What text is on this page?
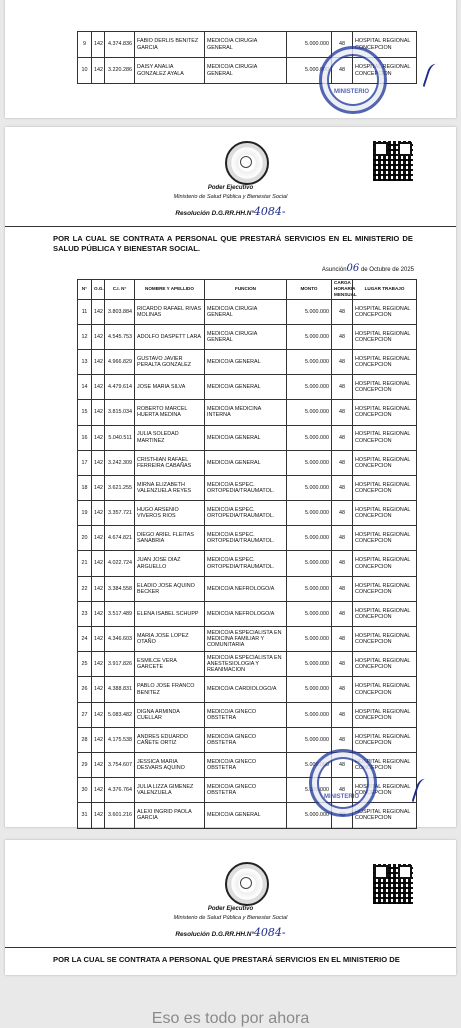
9	142	4.374.836	FABIO DERLIS BENITEZ GARCIA	MEDICO/A CIRUGIA GENERAL	5.000.000	48	HOSPITAL REGIONAL CONCEPCION
10	142	3.220.286	DAISY ANALIA GONZALEZ AYALA	MEDICO/A CIRUGIA GENERAL	5.000.000	48	HOSPITAL REGIONAL CONCEPCION
MINISTERIO
Poder Ejecutivo
Ministerio de Salud Pública y Bienestar Social
Resolución D.G.RR.HH.N°4084-
POR LA CUAL SE CONTRATA A PERSONAL QUE PRESTARÁ SERVICIOS EN EL MINISTERIO DE SALUD PÚBLICA Y BIENESTAR SOCIAL.
Asunción06 de Octubre de 2025
N°	O.G.	C.I. N°	NOMBRE Y APELLIDO	FUNCION	MONTO	CARGA HORARIA MENSUAL	LUGAR TRABAJO
11	142	3.803.884	RICARDO RAFAEL RIVAS MOLINAS	MEDICO/A CIRUGIA GENERAL	5.000.000	48	HOSPITAL REGIONAL CONCEPCION
12	142	4.545.753	ADOLFO DASPETT LARA	MEDICO/A CIRUGIA GENERAL	5.000.000	48	HOSPITAL REGIONAL CONCEPCION
13	142	4.966.829	GUSTAVO JAVIER PERALTA GONZALEZ	MEDICO/A GENERAL	5.000.000	48	HOSPITAL REGIONAL CONCEPCION
14	142	4.479.614	JOSE MARIA SILVA	MEDICO/A GENERAL	5.000.000	48	HOSPITAL REGIONAL CONCEPCION
15	142	3.815.034	ROBERTO MARCEL HUERTA MEDINA	MEDICO/A MEDICINA INTERNA	5.000.000	48	HOSPITAL REGIONAL CONCEPCION
16	142	5.040.511	JULIA SOLEDAD MARTINEZ	MEDICO/A GENERAL	5.000.000	48	HOSPITAL REGIONAL CONCEPCION
17	142	3.242.309	CRISTHIAN RAFAEL FERREIRA CABAÑAS	MEDICO/A GENERAL	5.000.000	48	HOSPITAL REGIONAL CONCEPCION
18	142	3.621.255	MIRNA ELIZABETH VALENZUELA REYES	MEDICO/A ESPEC. ORTOPEDIA/TRAUMATOL.	5.000.000	48	HOSPITAL REGIONAL CONCEPCION
19	142	3.357.721	HUGO ARSENIO VIVEROS RIOS	MEDICO/A ESPEC. ORTOPEDIA/TRAUMATOL.	5.000.000	48	HOSPITAL REGIONAL CONCEPCION
20	142	4.674.821	DIEGO ARIEL FLEITAS SANABRIA	MEDICO/A ESPEC. ORTOPEDIA/TRAUMATOL.	5.000.000	48	HOSPITAL REGIONAL CONCEPCION
21	142	4.022.724	JUAN JOSE DIAZ ARGUELLO	MEDICO/A ESPEC. ORTOPEDIA/TRAUMATOL.	5.000.000	48	HOSPITAL REGIONAL CONCEPCION
22	142	3.384.558	ELADIO JOSE AQUINO BECKER	MEDICO/A NEFROLOGO/A	5.000.000	48	HOSPITAL REGIONAL CONCEPCION
23	142	3.517.489	ELENA ISABEL SCHUPP	MEDICO/A NEFROLOGO/A	5.000.000	48	HOSPITAL REGIONAL CONCEPCION
24	142	4.346.603	MARIA JOSE LOPEZ OTAÑO	MEDICO/A ESPECIALISTA EN MEDICINA FAMILIAR Y COMUNITARIA	5.000.000	48	HOSPITAL REGIONAL CONCEPCION
25	142	3.917.826	ESMILCE VERA GARCETE	MEDICO/A ESPECIALISTA EN ANESTESIOLOGIA Y REANIMACION	5.000.000	48	HOSPITAL REGIONAL CONCEPCION
26	142	4.388.831	PABLO JOSE FRANCO BENITEZ	MEDICO/A CARDIOLOGO/A	5.000.000	48	HOSPITAL REGIONAL CONCEPCION
27	142	5.083.482	DIGNA ARMINDA CUELLAR	MEDICO/A GINECO OBSTETRA	5.000.000	48	HOSPITAL REGIONAL CONCEPCION
28	142	4.175.538	ANDRES EDUARDO CAÑETE ORTIZ	MEDICO/A GINECO OBSTETRA	5.000.000	48	HOSPITAL REGIONAL CONCEPCION
29	142	3.754.607	JESSICA MARIA DESVARS AQUINO	MEDICO/A GINECO OBSTETRA	5.000.000	48	HOSPITAL REGIONAL CONCEPCION
30	142	4.376.764	JULIA LIZZA GIMENEZ VALENZUELA	MEDICO/A GINECO OBSTETRA	5.000.000	48	HOSPITAL REGIONAL CONCEPCION
31	142	3.601.216	ALEXI INGRID PAOLA GARCIA	MEDICO/A GENERAL	5.000.000	48	HOSPITAL REGIONAL CONCEPCION
MINISTERIO
Poder Ejecutivo
Ministerio de Salud Pública y Bienestar Social
Resolución D.G.RR.HH.N°4084-
POR LA CUAL SE CONTRATA A PERSONAL QUE PRESTARÁ SERVICIOS EN EL MINISTERIO DE
Eso es todo por ahora
